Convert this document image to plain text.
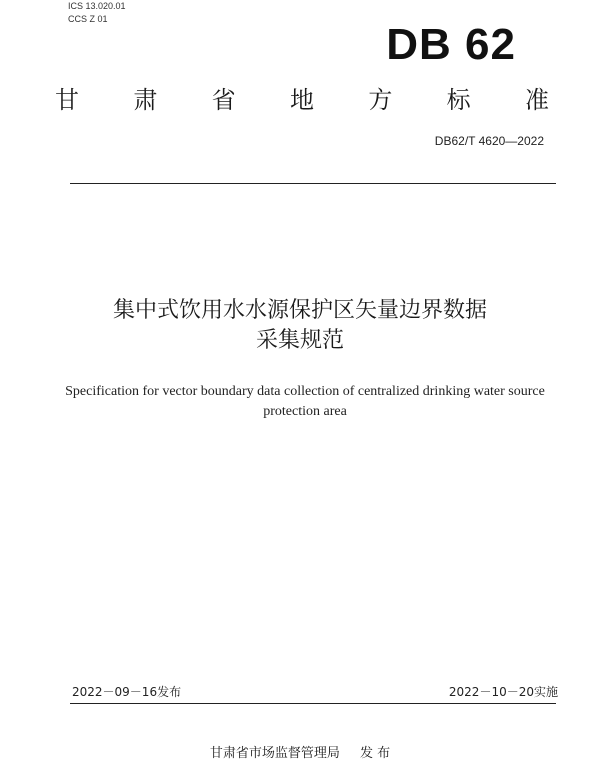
ICS 13.020.01
CCS Z 01
DB 62
甘 肃 省 地 方 标 准
DB62/T 4620—2022
集中式饮用水水源保护区矢量边界数据
采集规范
Specification for vector boundary data collection of centralized drinking water source
protection area
2022－09－16发布	2022－10－20实施
甘肃省市场监督管理局 发 布
